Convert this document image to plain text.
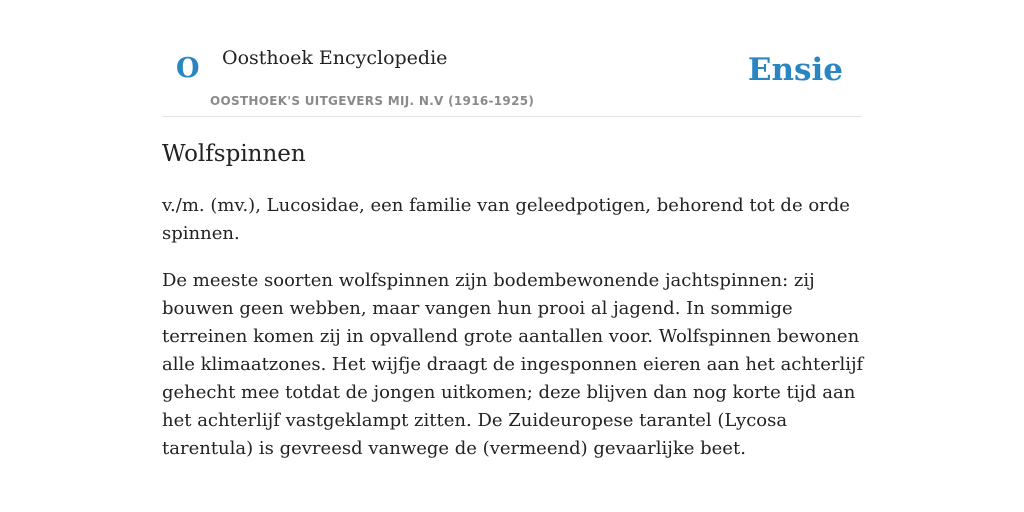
O Oosthoek Encyclopedie
OOSTHOEK'S UITGEVERS MIJ. N.V (1916-1925)
Ensie
Wolfspinnen

v./m. (mv.), Lucosidae, een familie van geleedpotigen, behorend tot de orde spinnen.

De meeste soorten wolfspinnen zijn bodembewonende jachtspinnen: zij bouwen geen webben, maar vangen hun prooi al jagend. In sommige terreinen komen zij in opvallend grote aantallen voor. Wolfspinnen bewonen alle klimaatzones. Het wijfje draagt de ingesponnen eieren aan het achterlijf gehecht mee totdat de jongen uitkomen; deze blijven dan nog korte tijd aan het achterlijf vastgeklampt zitten. De Zuideuropese tarantel (Lycosa tarentula) is gevreesd vanwege de (vermeend) gevaarlijke beet.
